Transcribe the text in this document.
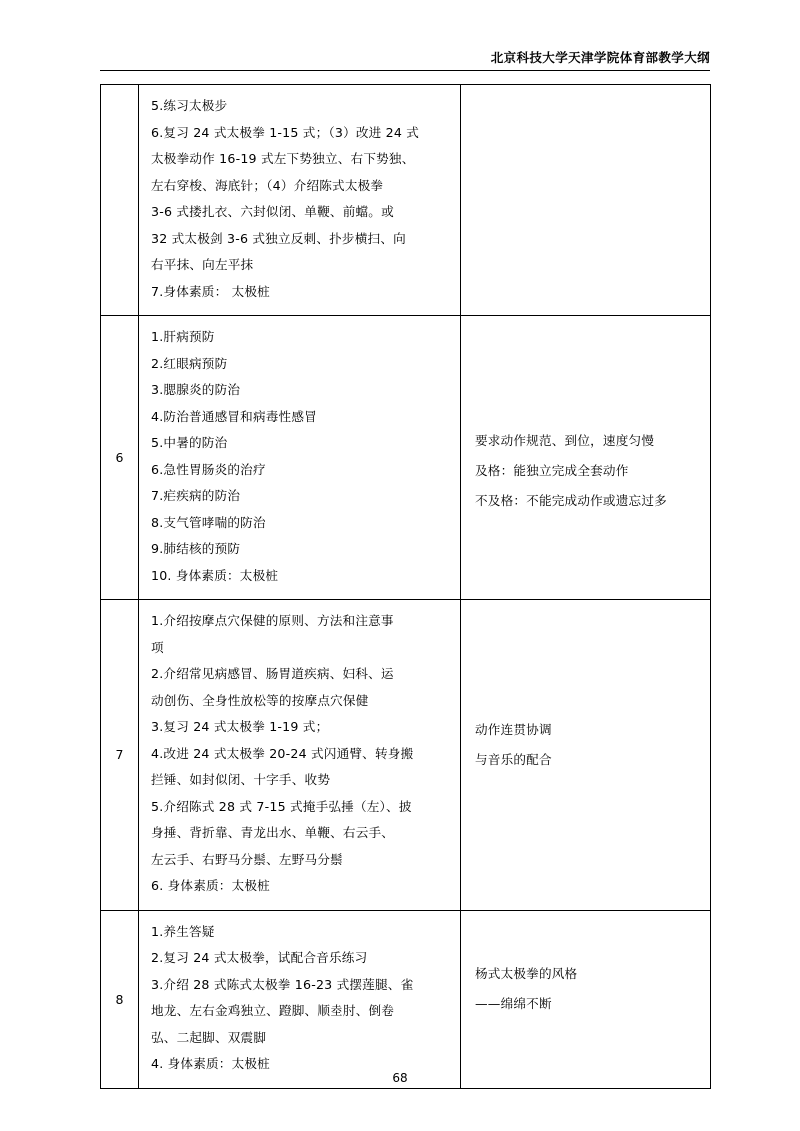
北京科技大学天津学院体育部教学大纲

5.练习太极步
6.复习 24 式太极拳 1-15 式；（3）改进 24 式
太极拳动作 16-19 式左下势独立、右下势独、
左右穿梭、海底针；（4）介绍陈式太极拳
3-6 式搂扎衣、六封似闭、单鞭、前蟷。或
32 式太极剑 3-6 式独立反刺、扑步横扫、向
右平抹、向左平抹
7.身体素质： 太极桩

6	
1.肝病预防
2.红眼病预防
3.腮腺炎的防治
4.防治普通感冒和病毒性感冒
5.中暑的防治
6.急性胃肠炎的治疗
7.疟疾病的防治
8.支气管哮喘的防治
9.肺结核的预防
10. 身体素质：太极桩

要求动作规范、到位，速度匀慢
及格：能独立完成全套动作
不及格：不能完成动作或遗忘过多

7	
1.介绍按摩点穴保健的原则、方法和注意事
项
2.介绍常见病感冒、肠胃道疾病、妇科、运
动创伤、全身性放松等的按摩点穴保健
3.复习 24 式太极拳 1-19 式；
4.改进 24 式太极拳 20-24 式闪通臂、转身搬
拦锤、如封似闭、十字手、收势
5.介绍陈式 28 式 7-15 式掩手弘捶（左）、披
身捶、背折靠、青龙出水、单鞭、右云手、
左云手、右野马分鬃、左野马分鬃
6. 身体素质：太极桩

动作连贯协调
与音乐的配合

8	
1.养生答疑
2.复习 24 式太极拳，试配合音乐练习
3.介绍 28 式陈式太极拳 16-23 式摆莲腿、雀
地龙、左右金鸡独立、蹬脚、顺坴肘、倒卷
弘、二起脚、双震脚
4. 身体素质：太极桩

杨式太极拳的风格
——绵绵不断
68
